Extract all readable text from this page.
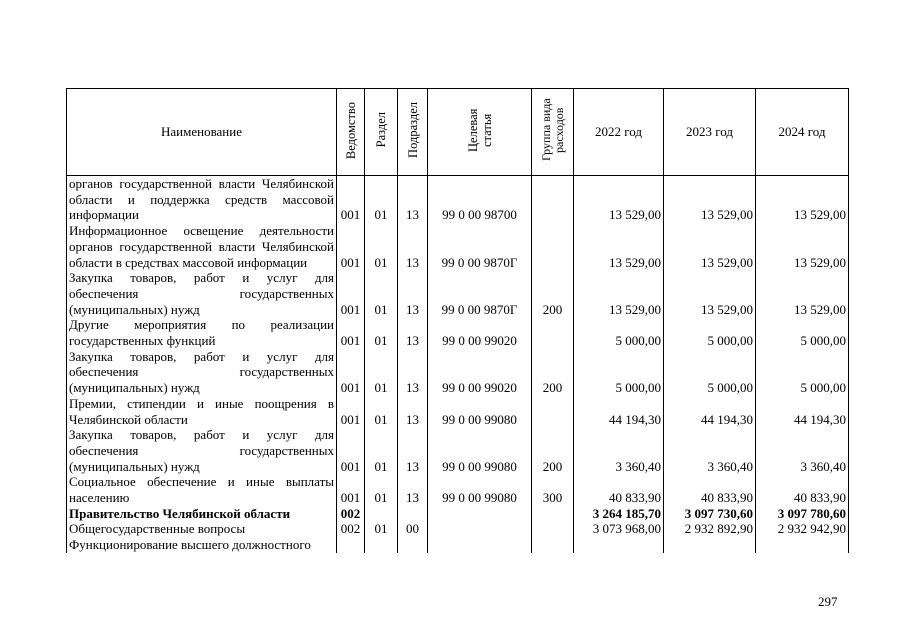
Наименование	Ведомство	Раздел	Подраздел	Целевая статья	Группа вида расходов	2022 год	2023 год	2024 год
органов государственной власти Челябинской области и поддержка средств массовой информации	001	01	13	99 0 00 98700		13 529,00	13 529,00	13 529,00
Информационное освещение деятельности органов государственной власти Челябинской области в средствах массовой информации	001	01	13	99 0 00 9870Г		13 529,00	13 529,00	13 529,00
Закупка товаров, работ и услуг для обеспечения государственных (муниципальных) нужд	001	01	13	99 0 00 9870Г	200	13 529,00	13 529,00	13 529,00
Другие мероприятия по реализации государственных функций	001	01	13	99 0 00 99020		5 000,00	5 000,00	5 000,00
Закупка товаров, работ и услуг для обеспечения государственных (муниципальных) нужд	001	01	13	99 0 00 99020	200	5 000,00	5 000,00	5 000,00
Премии, стипендии и иные поощрения в Челябинской области	001	01	13	99 0 00 99080		44 194,30	44 194,30	44 194,30
Закупка товаров, работ и услуг для обеспечения государственных (муниципальных) нужд	001	01	13	99 0 00 99080	200	3 360,40	3 360,40	3 360,40
Социальное обеспечение и иные выплаты населению	001	01	13	99 0 00 99080	300	40 833,90	40 833,90	40 833,90
Правительство Челябинской области	002					3 264 185,70	3 097 730,60	3 097 780,60
Общегосударственные вопросы	002	01	00			3 073 968,00	2 932 892,90	2 932 942,90
Функционирование высшего должностного								
297
